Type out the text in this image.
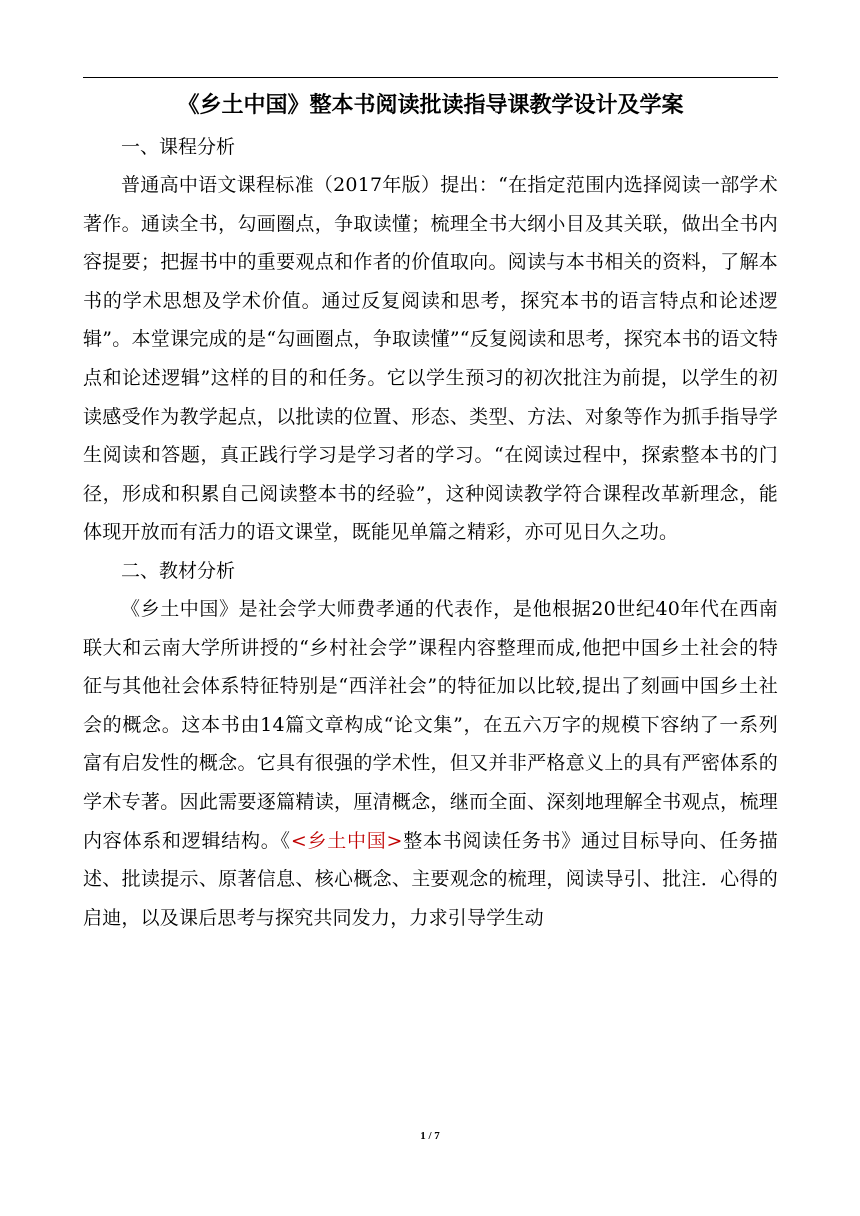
《乡土中国》整本书阅读批读指导课教学设计及学案
一、课程分析

普通高中语文课程标准（2017年版）提出：“在指定范围内选择阅读一部学术著作。通读全书，勾画圈点，争取读懂；梳理全书大纲小目及其关联，做出全书内容提要；把握书中的重要观点和作者的价值取向。阅读与本书相关的资料，了解本书的学术思想及学术价值。通过反复阅读和思考，探究本书的语言特点和论述逻辑”。本堂课完成的是“勾画圈点，争取读懂”“反复阅读和思考，探究本书的语文特点和论述逻辑”这样的目的和任务。它以学生预习的初次批注为前提，以学生的初读感受作为教学起点，以批读的位置、形态、类型、方法、对象等作为抓手指导学生阅读和答题，真正践行学习是学习者的学习。“在阅读过程中，探索整本书的门径，形成和积累自己阅读整本书的经验”，这种阅读教学符合课程改革新理念，能体现开放而有活力的语文课堂，既能见单篇之精彩，亦可见日久之功。

二、教材分析

《乡土中国》是社会学大师费孝通的代表作，是他根据20世纪40年代在西南联大和云南大学所讲授的“乡村社会学”课程内容整理而成,他把中国乡土社会的特征与其他社会体系特征特别是“西洋社会”的特征加以比较,提出了刻画中国乡土社会的概念。这本书由14篇文章构成“论文集”，在五六万字的规模下容纳了一系列富有启发性的概念。它具有很强的学术性，但又并非严格意义上的具有严密体系的学术专著。因此需要逐篇精读，厘清概念，继而全面、深刻地理解全书观点，梳理内容体系和逻辑结构。《<乡土中国>整本书阅读任务书》通过目标导向、任务描述、批读提示、原著信息、核心概念、主要观念的梳理，阅读导引、批注．心得的启迪，以及课后思考与探究共同发力，力求引导学生动

1 / 7
